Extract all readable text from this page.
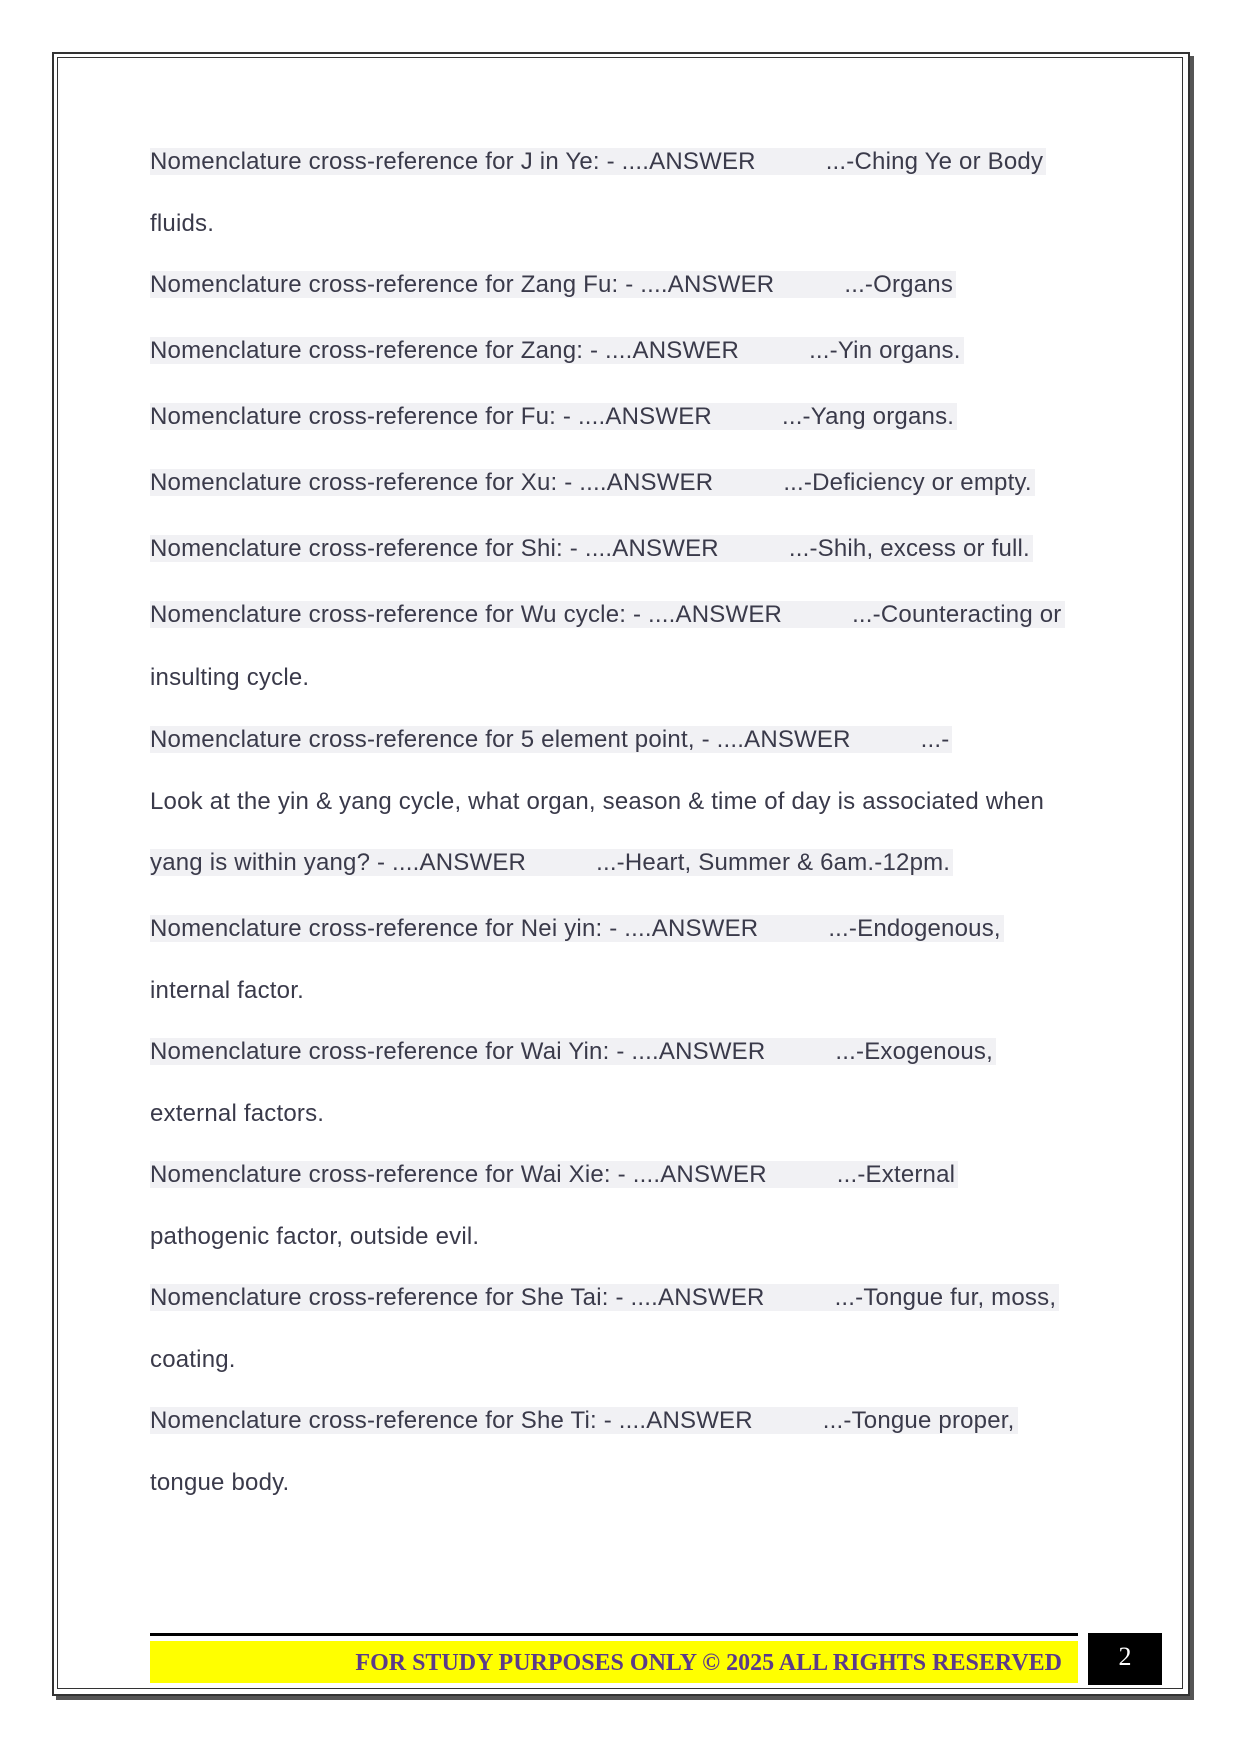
Nomenclature cross-reference for J in Ye: - ....ANSWER	...-Ching Ye or Body
fluids.
Nomenclature cross-reference for Zang Fu: - ....ANSWER	...-Organs
Nomenclature cross-reference for Zang: - ....ANSWER	...-Yin organs.
Nomenclature cross-reference for Fu: - ....ANSWER	...-Yang organs.
Nomenclature cross-reference for Xu: - ....ANSWER	...-Deficiency or empty.
Nomenclature cross-reference for Shi: - ....ANSWER	...-Shih, excess or full.
Nomenclature cross-reference for Wu cycle: - ....ANSWER	...-Counteracting or
insulting cycle.
Nomenclature cross-reference for 5 element point, - ....ANSWER	...-
Look at the yin & yang cycle, what organ, season & time of day is associated when
yang is within yang? - ....ANSWER	...-Heart, Summer & 6am.-12pm.
Nomenclature cross-reference for Nei yin: - ....ANSWER	...-Endogenous,
internal factor.
Nomenclature cross-reference for Wai Yin: - ....ANSWER	...-Exogenous,
external factors.
Nomenclature cross-reference for Wai Xie: - ....ANSWER	...-External
pathogenic factor, outside evil.
Nomenclature cross-reference for She Tai: - ....ANSWER	...-Tongue fur, moss,
coating.
Nomenclature cross-reference for She Ti: - ....ANSWER	...-Tongue proper,
tongue body.
FOR STUDY PURPOSES ONLY © 2025 ALL RIGHTS RESERVED	2
